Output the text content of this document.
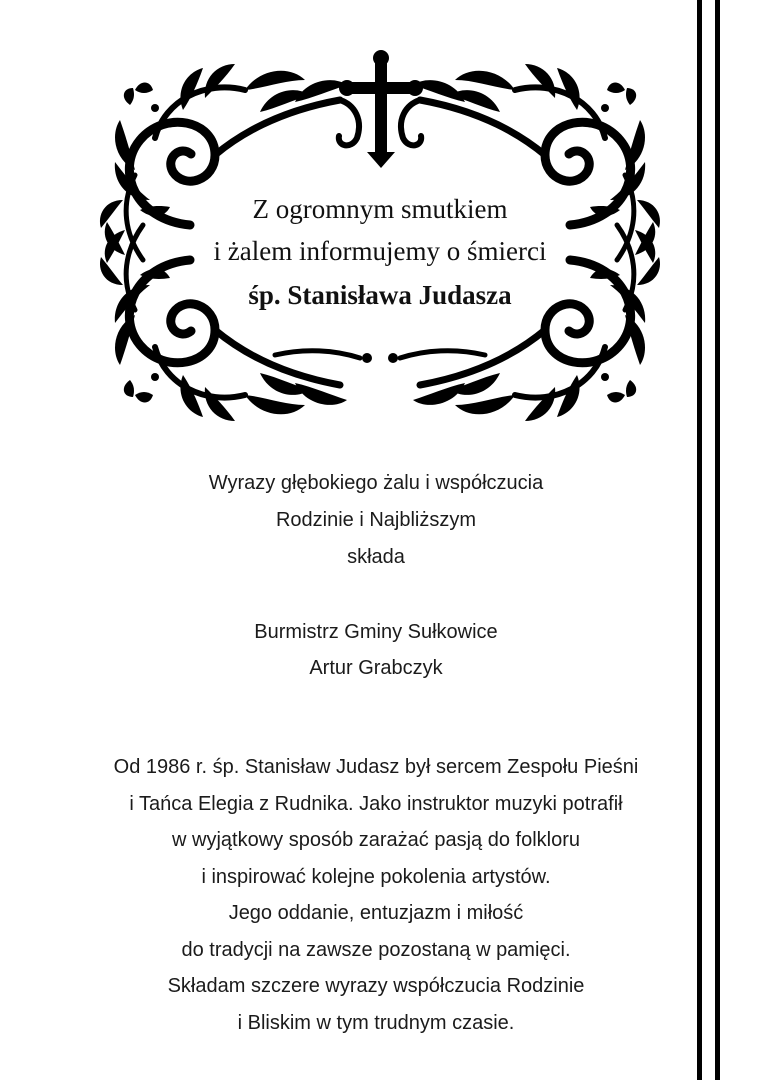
Z ogromnym smutkiem
i żalem informujemy o śmierci
śp. Stanisława Judasza
Wyrazy głębokiego żalu i współczucia
Rodzinie i Najbliższym
składa
Burmistrz Gminy Sułkowice
Artur Grabczyk
Od 1986 r. śp. Stanisław Judasz był sercem Zespołu Pieśni
i Tańca Elegia z Rudnika. Jako instruktor muzyki potrafił
w wyjątkowy sposób zarażać pasją do folkloru
i inspirować kolejne pokolenia artystów.
Jego oddanie, entuzjazm i miłość
do tradycji na zawsze pozostaną w pamięci.
Składam szczere wyrazy współczucia Rodzinie
i Bliskim w tym trudnym czasie.
